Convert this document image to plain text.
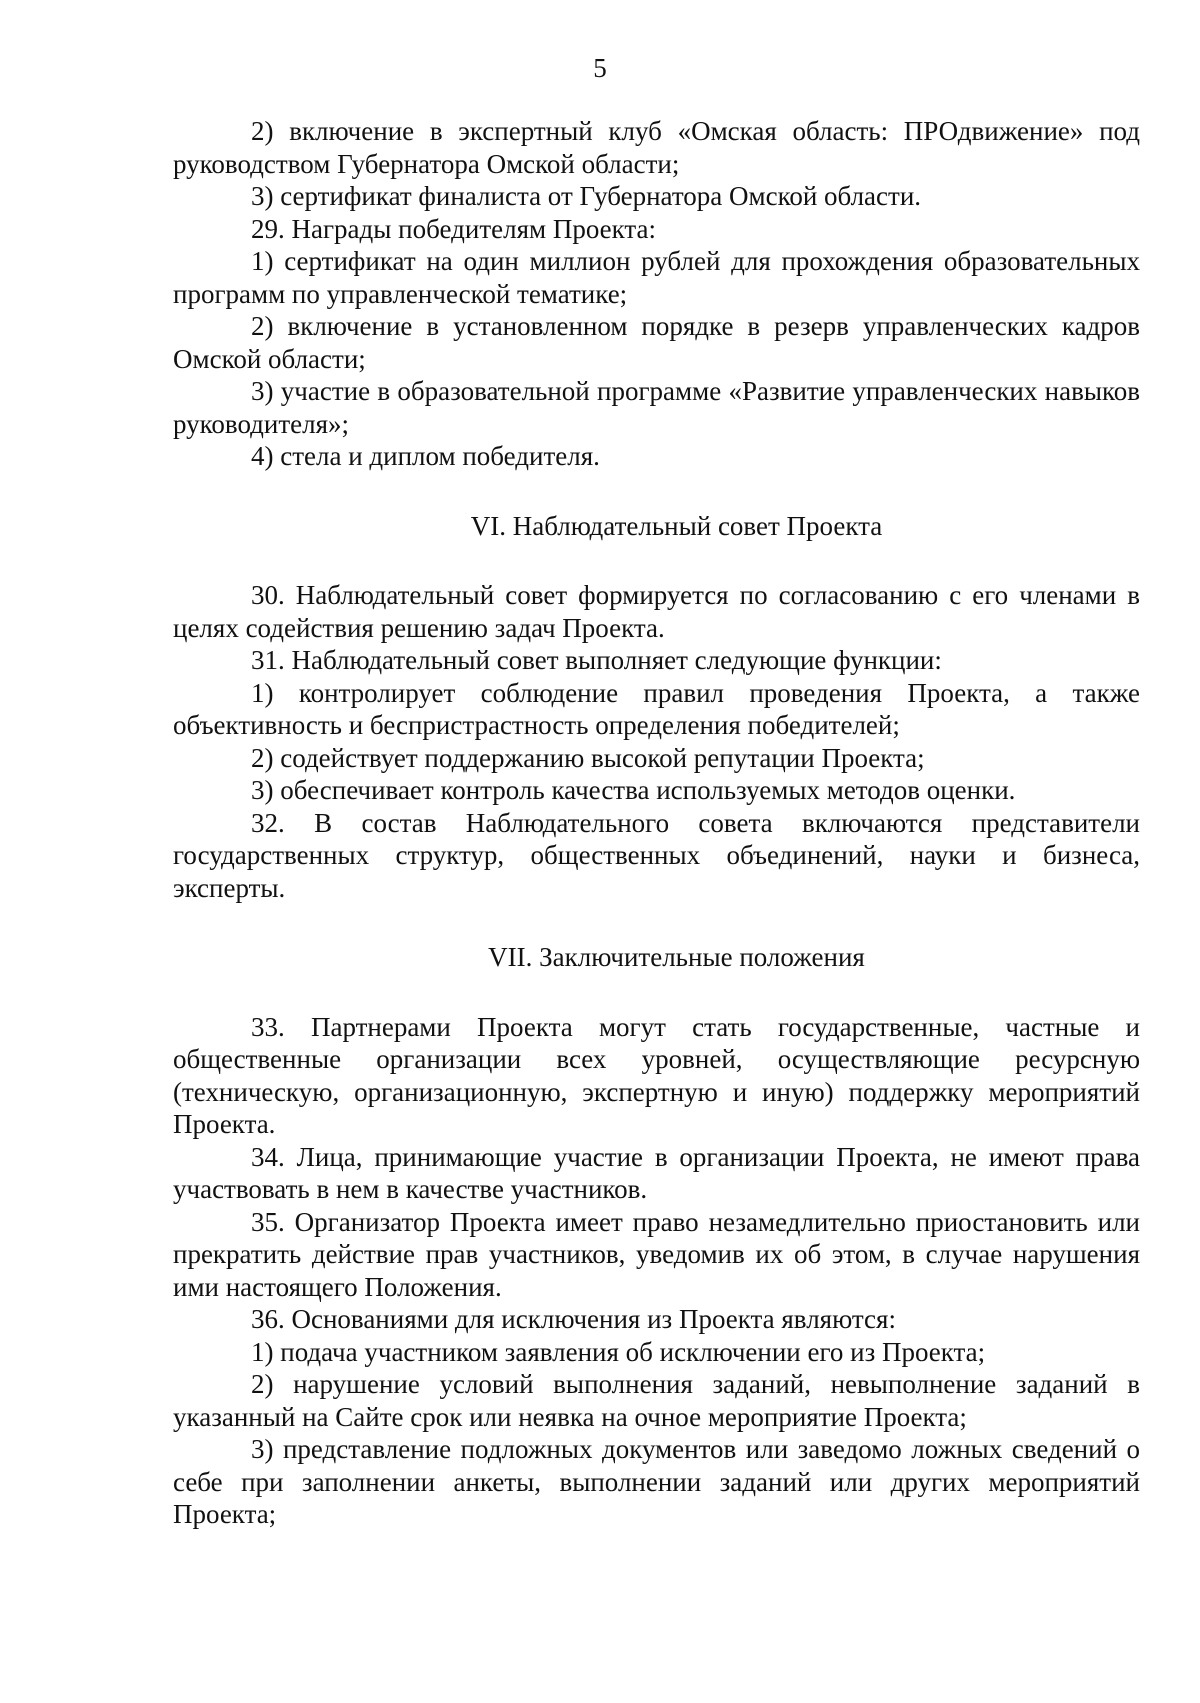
5

2) включение в экспертный клуб «Омская область: ПРОдвижение» под руководством Губернатора Омской области;

3) сертификат финалиста от Губернатора Омской области.

29. Награды победителям Проекта:

1) сертификат на один миллион рублей для прохождения образовательных программ по управленческой тематике;

2) включение в установленном порядке в резерв управленческих кадров Омской области;

3) участие в образовательной программе «Развитие управленческих навыков руководителя»;

4) стела и диплом победителя.

VI. Наблюдательный совет Проекта

30. Наблюдательный совет формируется по согласованию с его членами в целях содействия решению задач Проекта.

31. Наблюдательный совет выполняет следующие функции:

1) контролирует соблюдение правил проведения Проекта, а также объективность и беспристрастность определения победителей;

2) содействует поддержанию высокой репутации Проекта;

3) обеспечивает контроль качества используемых методов оценки.

32. В состав Наблюдательного совета включаются представители государственных структур, общественных объединений, науки и бизнеса, эксперты.

VII. Заключительные положения

33. Партнерами Проекта могут стать государственные, частные и общественные организации всех уровней, осуществляющие ресурсную (техническую, организационную, экспертную и иную) поддержку мероприятий Проекта.

34. Лица, принимающие участие в организации Проекта, не имеют права участвовать в нем в качестве участников.

35. Организатор Проекта имеет право незамедлительно приостановить или прекратить действие прав участников, уведомив их об этом, в случае нарушения ими настоящего Положения.

36. Основаниями для исключения из Проекта являются:

1) подача участником заявления об исключении его из Проекта;

2) нарушение условий выполнения заданий, невыполнение заданий в указанный на Сайте срок или неявка на очное мероприятие Проекта;

3) представление подложных документов или заведомо ложных сведений о себе при заполнении анкеты, выполнении заданий или других мероприятий Проекта;
